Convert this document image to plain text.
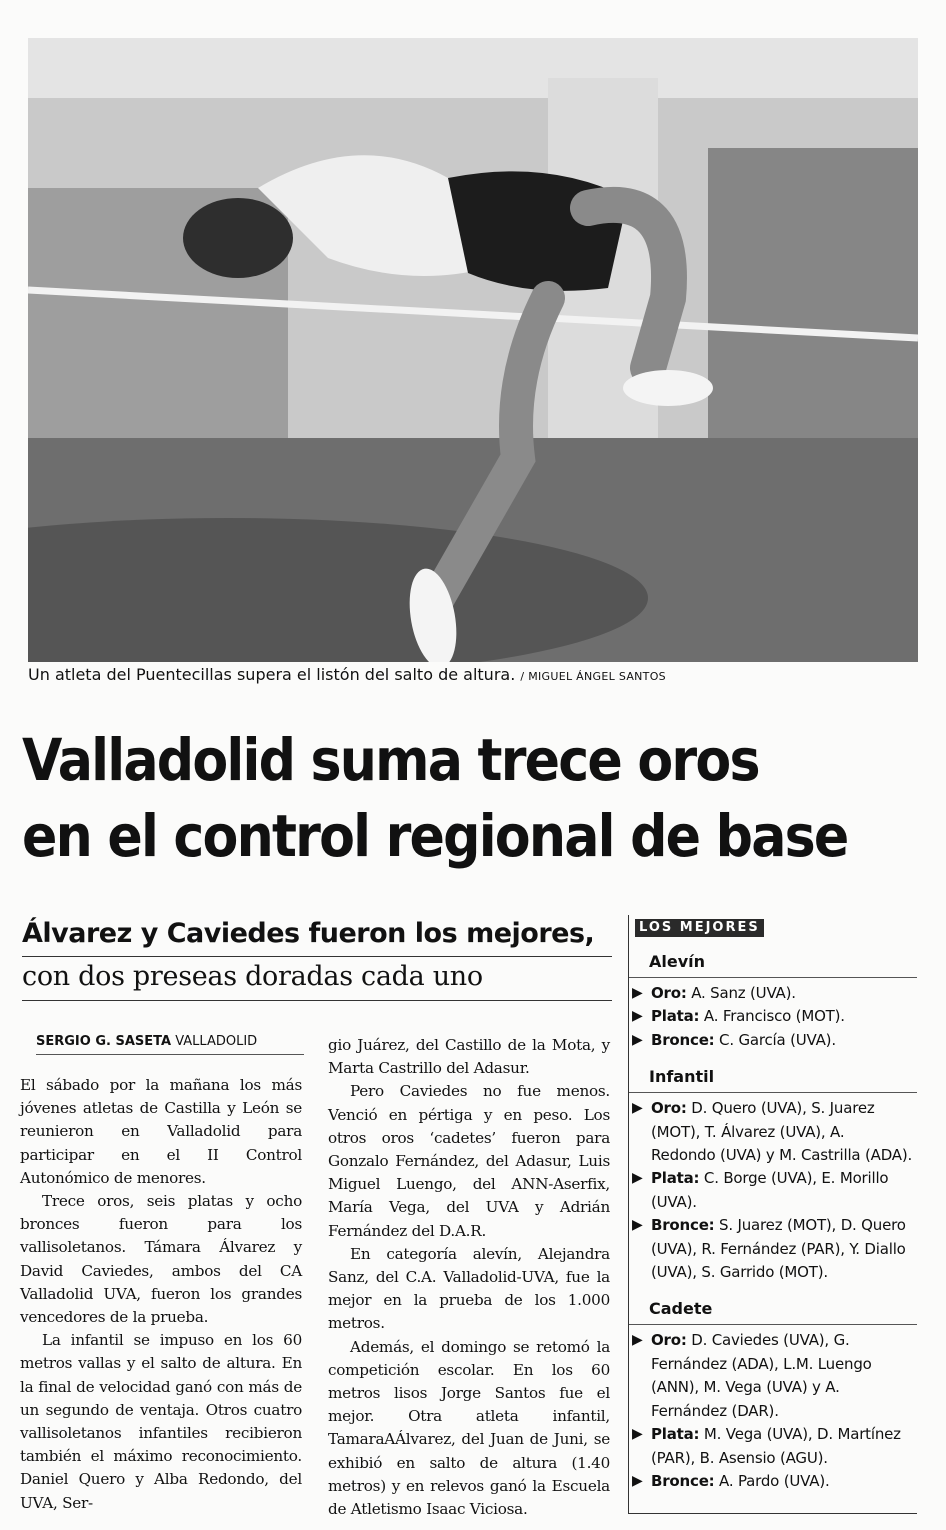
Un atleta del Puentecillas supera el listón del salto de altura. / MIGUEL ÁNGEL SANTOS
Valladolid suma trece oros
en el control regional de base
Álvarez y Caviedes fueron los mejores,
con dos preseas doradas cada uno
SERGIO G. SASETA VALLADOLID

El sábado por la mañana los más jóvenes atletas de Castilla y León se reunieron en Valladolid para participar en el II Control Autonómico de menores.

Trece oros, seis platas y ocho bronces fueron para los vallisoletanos. Támara Álvarez y David Caviedes, ambos del CA Valladolid UVA, fueron los grandes vencedores de la prueba.

La infantil se impuso en los 60 metros vallas y el salto de altura. En la final de velocidad ganó con más de un segundo de ventaja. Otros cuatro vallisoletanos infantiles recibieron también el máximo reconocimiento. Daniel Quero y Alba Redondo, del UVA, Ser-

gio Juárez, del Castillo de la Mota, y Marta Castrillo del Adasur.

Pero Caviedes no fue menos. Venció en pértiga y en peso. Los otros oros ‘cadetes’ fueron para Gonzalo Fernández, del Adasur, Luis Miguel Luengo, del ANN-Aserfix, María Vega, del UVA y Adrián Fernández del D.A.R.

En categoría alevín, Alejandra Sanz, del C.A. Valladolid-UVA, fue la mejor en la prueba de los 1.000 metros.

Además, el domingo se retomó la competición escolar. En los 60 metros lisos Jorge Santos fue el mejor. Otra atleta infantil, TamaraAÁlvarez, del Juan de Juni, se exhibió en salto de altura (1.40 metros) y en relevos ganó la Escuela de Atletismo Isaac Viciosa.

LOS MEJORES
Alevín
▶ Oro: A. Sanz (UVA).
▶ Plata: A. Francisco (MOT).
▶ Bronce: C. García (UVA).
Infantil
▶ Oro: D. Quero (UVA), S. Juarez (MOT), T. Álvarez (UVA), A. Redondo (UVA) y M. Castrilla (ADA).
▶ Plata: C. Borge (UVA), E. Morillo (UVA).
▶ Bronce: S. Juarez (MOT), D. Quero (UVA), R. Fernández (PAR), Y. Diallo (UVA), S. Garrido (MOT).
Cadete
▶ Oro: D. Caviedes (UVA), G. Fernández (ADA), L.M. Luengo (ANN), M. Vega (UVA) y A. Fernández (DAR).
▶ Plata: M. Vega (UVA), D. Martínez (PAR), B. Asensio (AGU).
▶ Bronce: A. Pardo (UVA).
